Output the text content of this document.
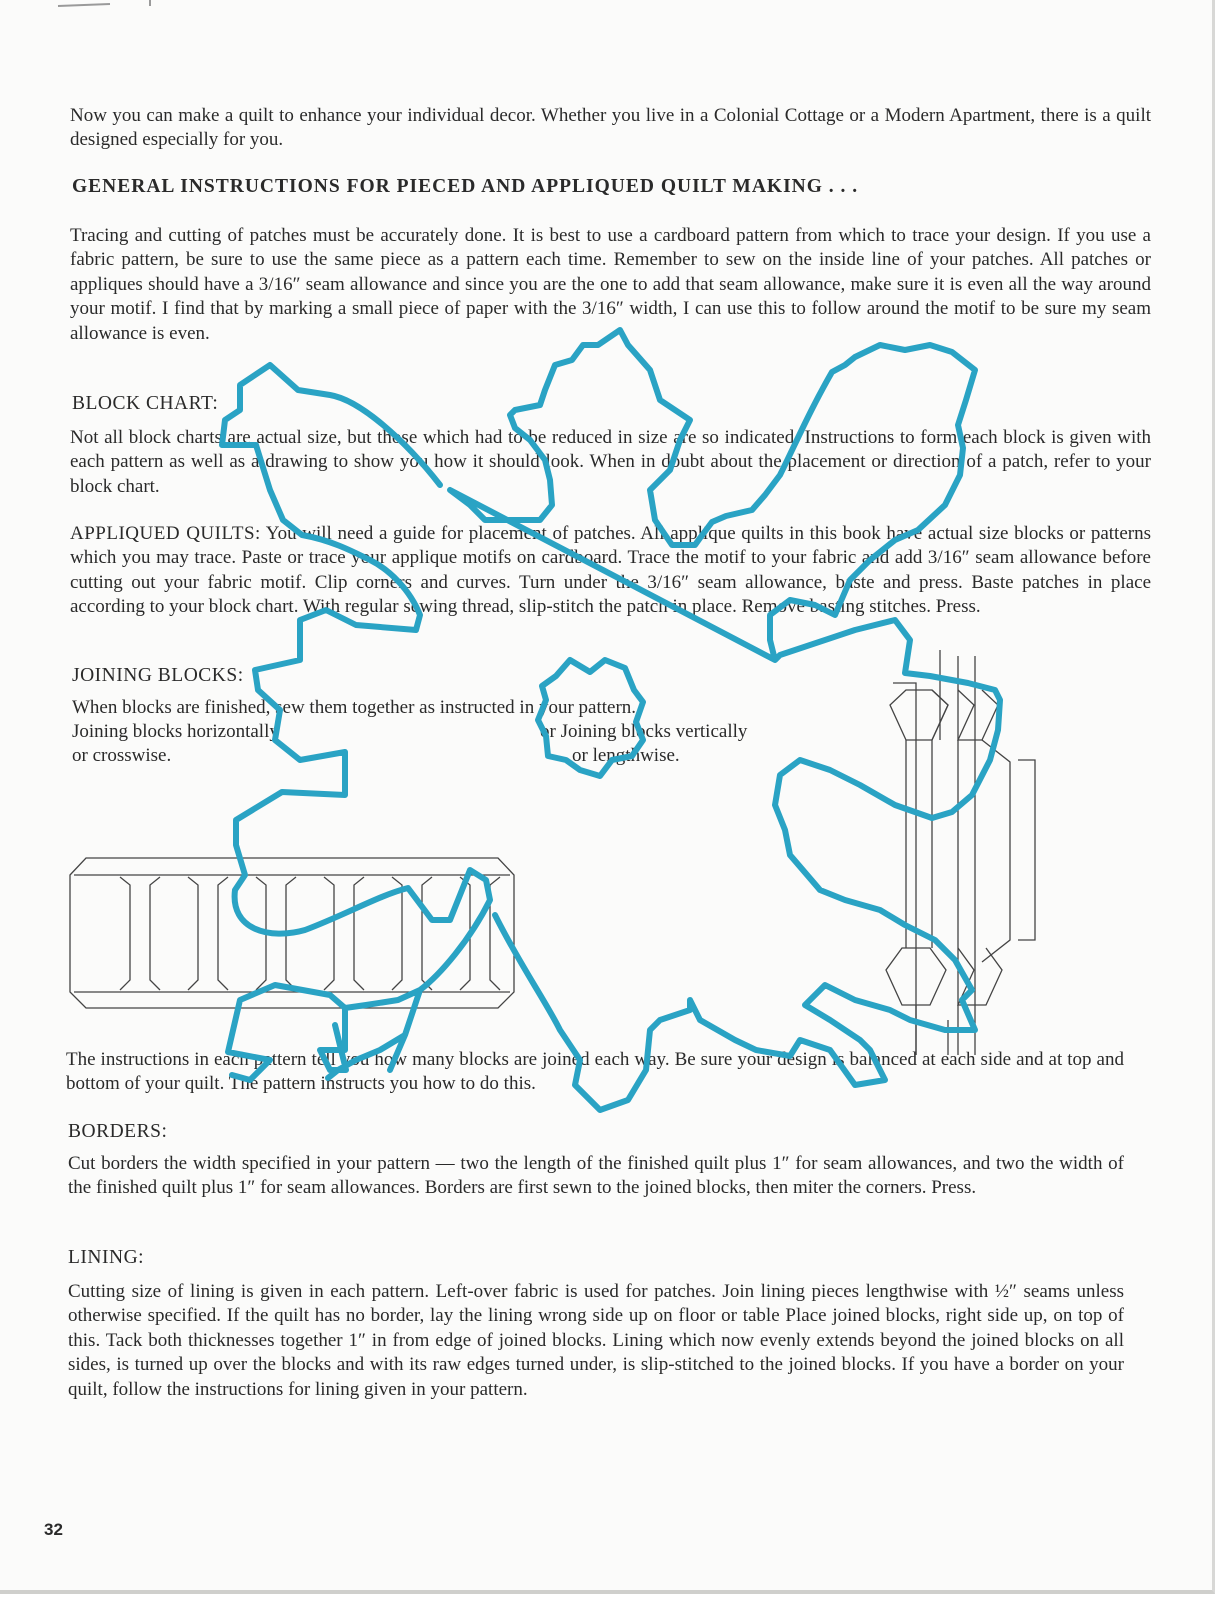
Now you can make a quilt to enhance your individual decor. Whether you live in a Colonial Cottage or a Modern Apartment, there is a quilt designed especially for you.

GENERAL INSTRUCTIONS FOR PIECED AND APPLIQUED QUILT MAKING . . .

Tracing and cutting of patches must be accurately done. It is best to use a cardboard pattern from which to trace your design. If you use a fabric pattern, be sure to use the same piece as a pattern each time. Remember to sew on the inside line of your patches. All patches or appliques should have a 3/16″ seam allowance and since you are the one to add that seam allowance, make sure it is even all the way around your motif. I find that by marking a small piece of paper with the 3/16″ width, I can use this to follow around the motif to be sure my seam allowance is even.

BLOCK CHART:

Not all block charts are actual size, but those which had to be reduced in size are so indicated. Instructions to form each block is given with each pattern as well as a drawing to show you how it should look. When in doubt about the placement or direction of a patch, refer to your block chart.

APPLIQUED QUILTS: You will need a guide for placement of patches. All applique quilts in this book have actual size blocks or patterns which you may trace. Paste or trace your applique motifs on cardboard. Trace the motif to your fabric and add 3/16″ seam allowance before cutting out your fabric motif. Clip corners and curves. Turn under the 3/16″ seam allowance, baste and press. Baste patches in place according to your block chart. With regular sewing thread, slip-stitch the patch in place. Remove basting stitches. Press.

JOINING BLOCKS:

When blocks are finished, sew them together as instructed in your pattern.

Joining blocks horizontally

or crosswise.

or Joining blocks vertically

or lengthwise.

The instructions in each pattern tell you how many blocks are joined each way. Be sure your design is balanced at each side and at top and bottom of your quilt. The pattern instructs you how to do this.

BORDERS:

Cut borders the width specified in your pattern — two the length of the finished quilt plus 1″ for seam allowances, and two the width of the finished quilt plus 1″ for seam allowances. Borders are first sewn to the joined blocks, then miter the corners. Press.

LINING:

Cutting size of lining is given in each pattern. Left-over fabric is used for patches. Join lining pieces lengthwise with ½″ seams unless otherwise specified. If the quilt has no border, lay the lining wrong side up on floor or table Place joined blocks, right side up, on top of this. Tack both thicknesses together 1″ in from edge of joined blocks. Lining which now evenly extends beyond the joined blocks on all sides, is turned up over the blocks and with its raw edges turned under, is slip-stitched to the joined blocks. If you have a border on your quilt, follow the instructions for lining given in your pattern.

32
